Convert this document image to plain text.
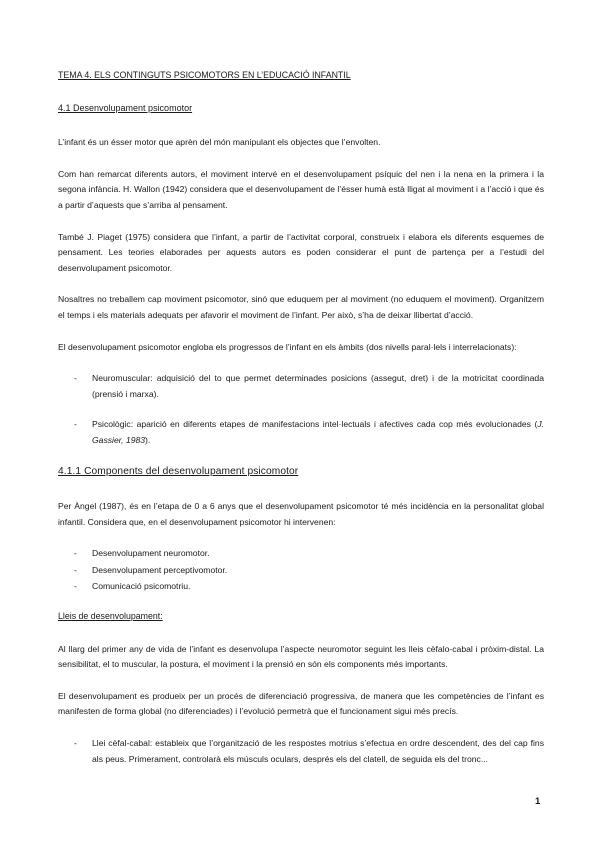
TEMA 4. ELS CONTINGUTS PSICOMOTORS EN L’EDUCACIÓ INFANTIL

4.1 Desenvolupament psicomotor

L’infant és un ésser motor que aprèn del món manipulant els objectes que l’envolten.

Com han remarcat diferents autors, el moviment intervé en el desenvolupament psíquic del nen i la nena en la primera i la segona infància. H. Wallon (1942) considera que el desenvolupament de l’ésser humà està lligat al moviment i a l’acció i que és a partir d’aquests que s’arriba al pensament.

També J. Piaget (1975) considera que l’infant, a partir de l’activitat corporal, construeix i elabora els diferents esquemes de pensament. Les teories elaborades per aquests autors es poden considerar el punt de partença per a l’estudi del desenvolupament psicomotor.

Nosaltres no treballem cap moviment psicomotor, sinó que eduquem per al moviment (no eduquem el moviment). Organitzem el temps i els materials adequats per afavorir el moviment de l’infant. Per això, s’ha de deixar llibertat d’acció.

El desenvolupament psicomotor engloba els progressos de l’infant en els àmbits (dos nivells paral·lels i interrelacionats):

- Neuromuscular: adquisició del to que permet determinades posicions (assegut, dret) i de la motricitat coordinada (prensió i marxa).
- Psicològic: aparició en diferents etapes de manifestacions intel·lectuals i afectives cada cop més evolucionades (J. Gassier, 1983).

4.1.1 Components del desenvolupament psicomotor

Per Àngel (1987), és en l’etapa de 0 a 6 anys que el desenvolupament psicomotor té més incidència en la personalitat global infantil. Considera que, en el desenvolupament psicomotor hi intervenen:

- Desenvolupament neuromotor.
- Desenvolupament perceptivomotor.
- Comunicació psicomotriu.

Lleis de desenvolupament:

Al llarg del primer any de vida de l’infant es desenvolupa l’aspecte neuromotor seguint les lleis cèfalo-cabal i pròxim-distal. La sensibilitat, el to muscular, la postura, el moviment i la prensió en són els components més importants.

El desenvolupament es produeix per un procés de diferenciació progressiva, de manera que les competències de l’infant es manifesten de forma global (no diferenciades) i l’evolució permetrà que el funcionament sigui més precís.

- Llei cèfal-cabal: estableix que l’organització de les respostes motrius s’efectua en ordre descendent, des del cap fins als peus. Primerament, controlarà els músculs oculars, després els del clatell, de seguida els del tronc...
1
